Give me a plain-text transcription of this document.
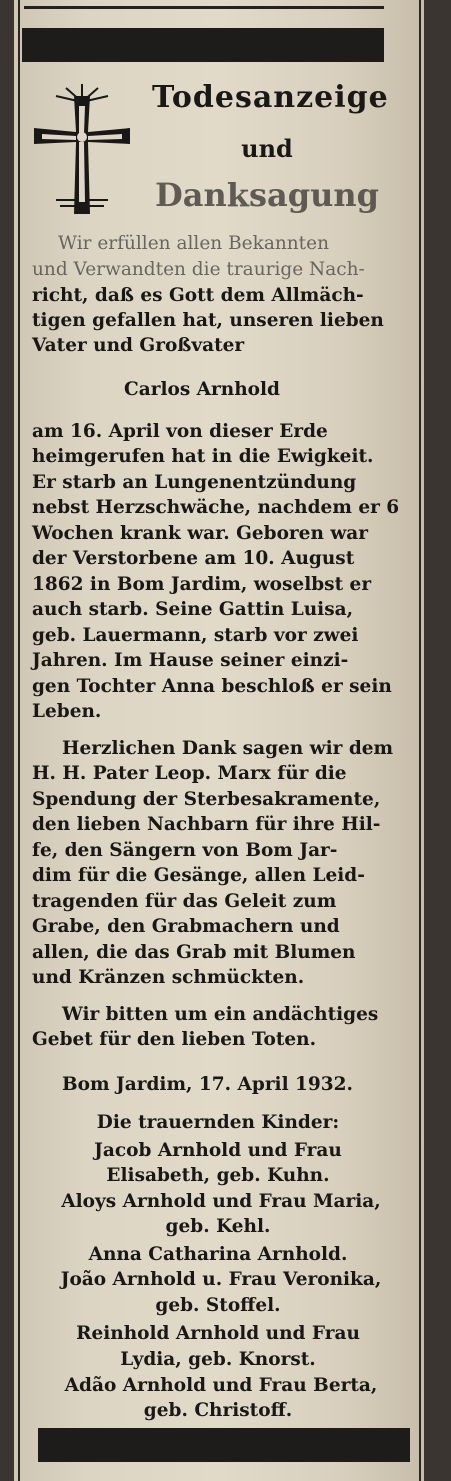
Todesanzeige
und
Danksagung
Wir erfüllen allen Bekannten
und Verwandten die traurige Nach-
richt, daß es Gott dem Allmäch-
tigen gefallen hat, unseren lieben
Vater und Großvater
Carlos Arnhold
am 16. April von dieser Erde
heimgerufen hat in die Ewigkeit.
Er starb an Lungenentzündung
nebst Herzschwäche, nachdem er 6
Wochen krank war. Geboren war
der Verstorbene am 10. August
1862 in Bom Jardim, woselbst er
auch starb. Seine Gattin Luisa,
geb. Lauermann, starb vor zwei
Jahren. Im Hause seiner einzi-
gen Tochter Anna beschloß er sein
Leben.
Herzlichen Dank sagen wir dem
H. H. Pater Leop. Marx für die
Spendung der Sterbesakramente,
den lieben Nachbarn für ihre Hil-
fe, den Sängern von Bom Jar-
dim für die Gesänge, allen Leid-
tragenden für das Geleit zum
Grabe, den Grabmachern und
allen, die das Grab mit Blumen
und Kränzen schmückten.
Wir bitten um ein andächtiges
Gebet für den lieben Toten.
Bom Jardim, 17. April 1932.
Die trauernden Kinder:
Jacob Arnhold und Frau
Elisabeth, geb. Kuhn.
Aloys Arnhold und Frau Maria,
geb. Kehl.
Anna Catharina Arnhold.
João Arnhold u. Frau Veronika,
geb. Stoffel.
Reinhold Arnhold und Frau
Lydia, geb. Knorst.
Adão Arnhold und Frau Berta,
geb. Christoff.
